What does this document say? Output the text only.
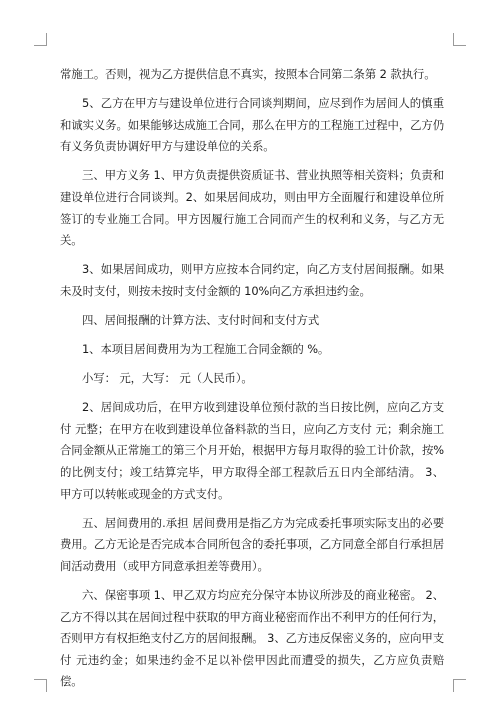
常施工。否则，视为乙方提供信息不真实，按照本合同第二条第 2 款执行。

5、乙方在甲方与建设单位进行合同谈判期间，应尽到作为居间人的慎重和诚实义务。如果能够达成施工合同，那么在甲方的工程施工过程中，乙方仍有义务负责协调好甲方与建设单位的关系。

三、甲方义务 1、甲方负责提供资质证书、营业执照等相关资料；负责和建设单位进行合同谈判。2、如果居间成功，则由甲方全面履行和建设单位所签订的专业施工合同。甲方因履行施工合同而产生的权利和义务，与乙方无关。

3、如果居间成功，则甲方应按本合同约定，向乙方支付居间报酬。如果未及时支付，则按未按时支付金额的 10%向乙方承担违约金。

四、居间报酬的计算方法、支付时间和支付方式

1、本项目居间费用为为工程施工合同金额的 %。

小写： 元，大写： 元（人民币）。

2、居间成功后，在甲方收到建设单位预付款的当日按比例，应向乙方支付 元整；在甲方在收到建设单位备料款的当日，应向乙方支付 元；剩余施工合同金额从正常施工的第三个月开始，根据甲方每月取得的验工计价款，按%的比例支付；竣工结算完毕，甲方取得全部工程款后五日内全部结清。 3、 甲方可以转帐或现金的方式支付。

五、居间费用的.承担 居间费用是指乙方为完成委托事项实际支出的必要费用。乙方无论是否完成本合同所包含的委托事项，乙方同意全部自行承担居间活动费用（或甲方同意承担差等费用）。

六、保密事项 1、甲乙双方均应充分保守本协议所涉及的商业秘密。 2、乙方不得以其在居间过程中获取的甲方商业秘密而作出不利甲方的任何行为，否则甲方有权拒绝支付乙方的居间报酬。 3、乙方违反保密义务的，应向甲支付 元违约金；如果违约金不足以补偿甲因此而遭受的损失，乙方应负责赔偿。
